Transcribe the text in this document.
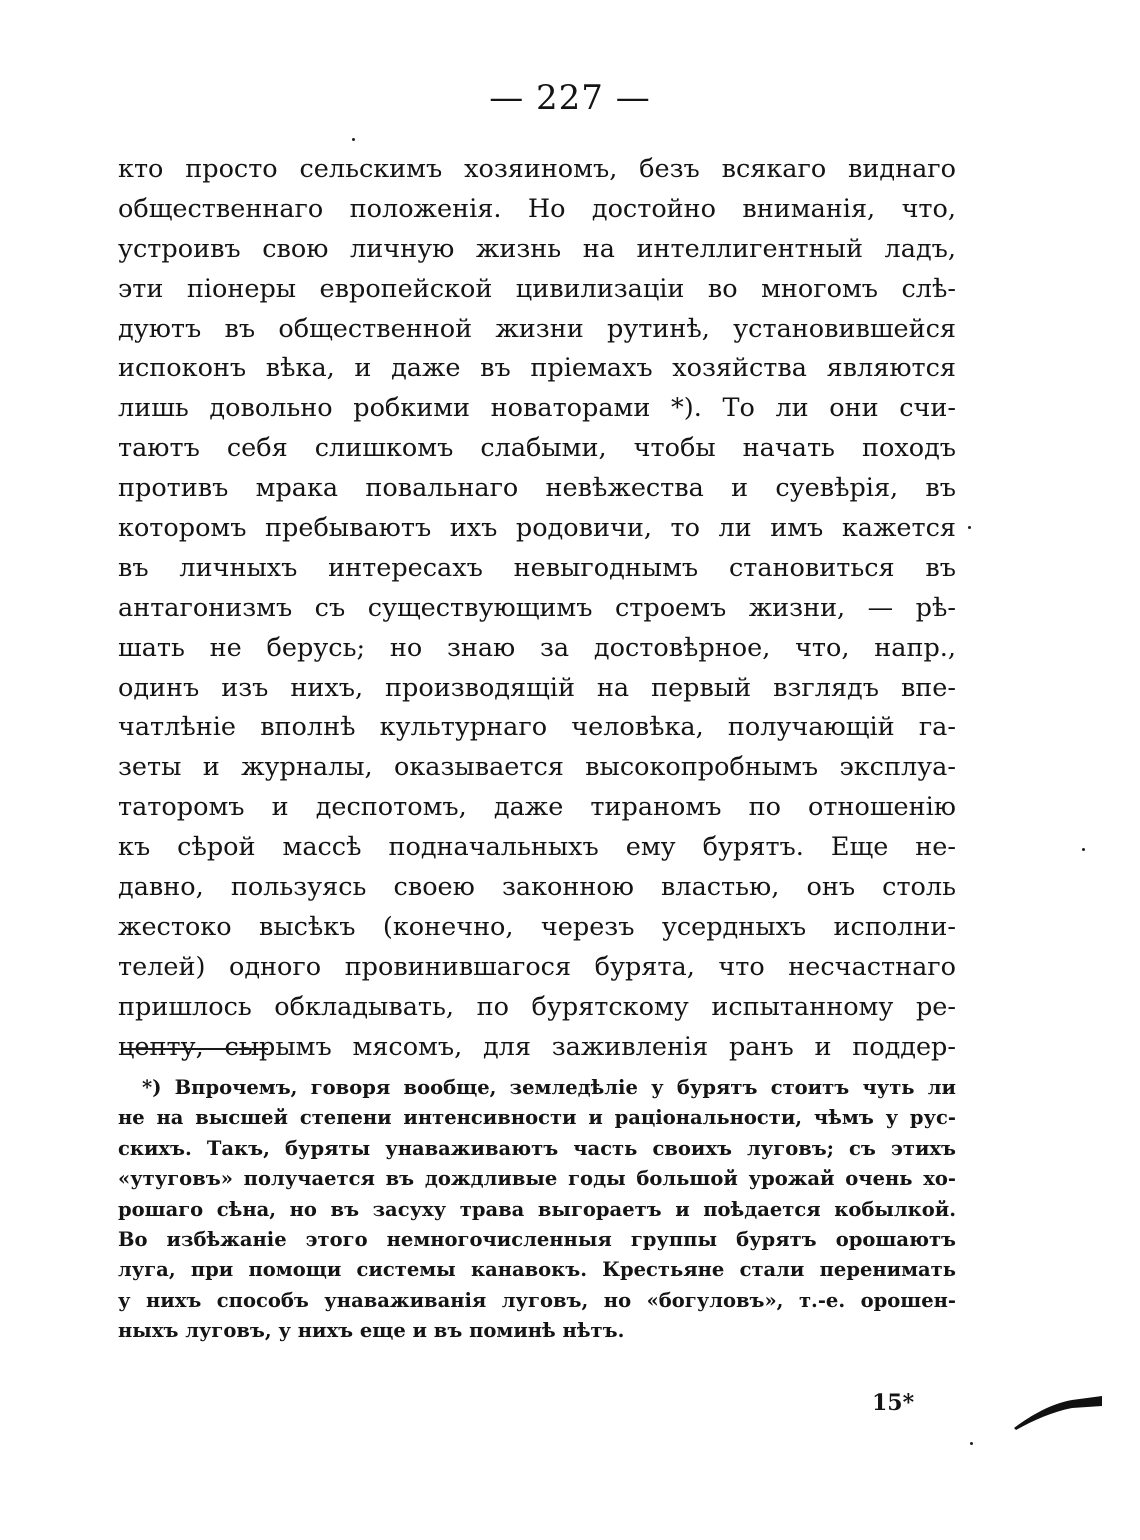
— 227 —
кто просто сельскимъ хозяиномъ, безъ всякаго виднаго
общественнаго положенія. Но достойно вниманія, что,
устроивъ свою личную жизнь на интеллигентный ладъ,
эти піонеры европейской цивилизаціи во многомъ слѣ-
дуютъ въ общественной жизни рутинѣ, установившейся
испоконъ вѣка, и даже въ пріемахъ хозяйства являются
лишь довольно робкими новаторами *). То ли они счи-
таютъ себя слишкомъ слабыми, чтобы начать походъ
противъ мрака повальнаго невѣжества и суевѣрія, въ
которомъ пребываютъ ихъ родовичи, то ли имъ кажется
въ личныхъ интересахъ невыгоднымъ становиться въ
антагонизмъ съ существующимъ строемъ жизни, — рѣ-
шать не берусь; но знаю за достовѣрное, что, напр.,
одинъ изъ нихъ, производящій на первый взглядъ впе-
чатлѣніе вполнѣ культурнаго человѣка, получающій га-
зеты и журналы, оказывается высокопробнымъ эксплуа-
таторомъ и деспотомъ, даже тираномъ по отношенію
къ сѣрой массѣ подначальныхъ ему бурятъ. Еще не-
давно, пользуясь своею законною властью, онъ столь
жестоко высѣкъ (конечно, черезъ усердныхъ исполни-
телей) одного провинившагося бурята, что несчастнаго
пришлось обкладывать, по бурятскому испытанному ре-
цепту, сырымъ мясомъ, для заживленія ранъ и поддер-
*) Впрочемъ, говоря вообще, земледѣліе у бурятъ стоитъ чуть ли
не на высшей степени интенсивности и раціональности, чѣмъ у рус-
скихъ. Такъ, буряты унаваживаютъ часть своихъ луговъ; съ этихъ
«утуговъ» получается въ дождливые годы большой урожай очень хо-
рошаго сѣна, но въ засуху трава выгораетъ и поѣдается кобылкой.
Во избѣжаніе этого немногочисленныя группы бурятъ орошаютъ
луга, при помощи системы канавокъ. Крестьяне стали перенимать
у нихъ способъ унаваживанія луговъ, но «богуловъ», т.-е. орошен-
ныхъ луговъ, у нихъ еще и въ поминѣ нѣтъ.
15*
